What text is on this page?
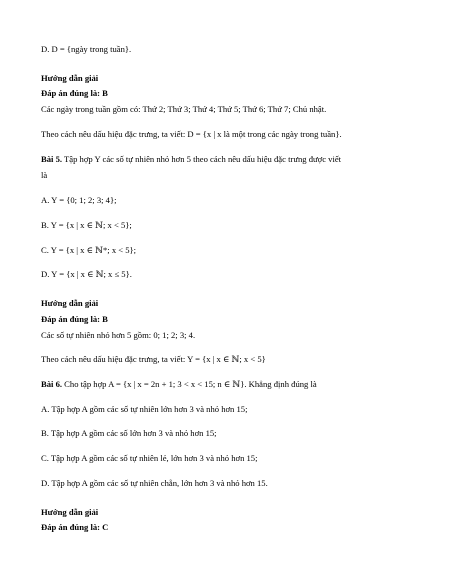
D. D = {ngày trong tuần}.

Hướng dẫn giải

Đáp án đúng là: B

Các ngày trong tuần gồm có: Thứ 2; Thứ 3; Thứ 4; Thứ 5; Thứ 6; Thứ 7; Chủ nhật.

Theo cách nêu dấu hiệu đặc trưng, ta viết: D = {x | x là một trong các ngày trong tuần}.

Bài 5. Tập hợp Y các số tự nhiên nhỏ hơn 5 theo cách nêu dấu hiệu đặc trưng được viết

là

A. Y = {0; 1; 2; 3; 4};

B. Y = {x | x ∈ ℕ; x < 5};

C. Y = {x | x ∈ ℕ*; x < 5};

D. Y = {x | x ∈ ℕ; x ≤ 5}.

Hướng dẫn giải

Đáp án đúng là: B

Các số tự nhiên nhỏ hơn 5 gồm: 0; 1; 2; 3; 4.

Theo cách nêu dấu hiệu đặc trưng, ta viết: Y = {x | x ∈ ℕ; x < 5}

Bài 6. Cho tập hợp A = {x | x = 2n + 1; 3 < x < 15; n ∈ ℕ}. Khẳng định đúng là

A. Tập hợp A gồm các số tự nhiên lớn hơn 3 và nhỏ hơn 15;

B. Tập hợp A gồm các số lớn hơn 3 và nhỏ hơn 15;

C. Tập hợp A gồm các số tự nhiên lẻ, lớn hơn 3 và nhỏ hơn 15;

D. Tập hợp A gồm các số tự nhiên chẵn, lớn hơn 3 và nhỏ hơn 15.

Hướng dẫn giải

Đáp án đúng là: C
